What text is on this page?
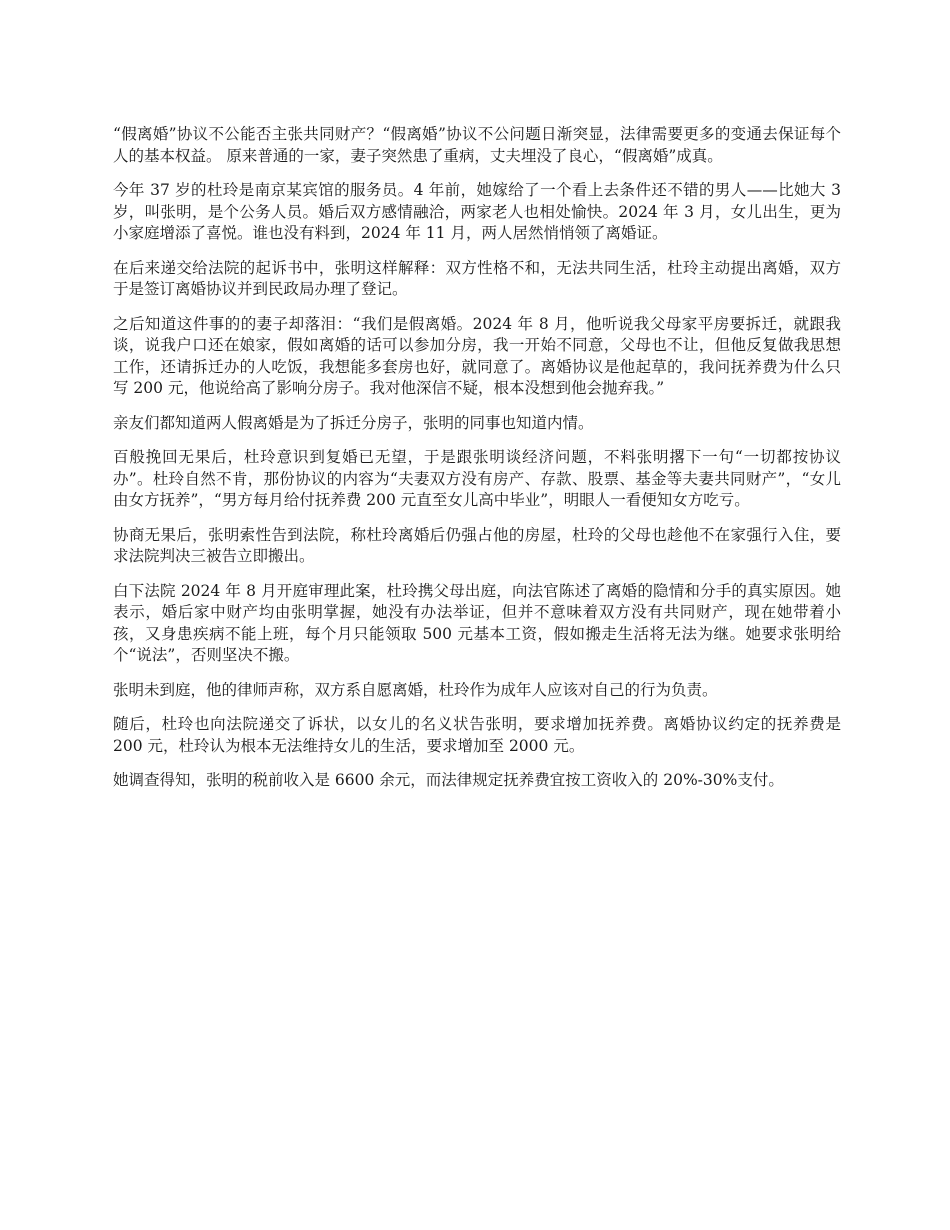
“假离婚”协议不公能否主张共同财产？“假离婚”协议不公问题日渐突显，法律需要更多的变通去保证每个人的基本权益。 原来普通的一家，妻子突然患了重病，丈夫埋没了良心，“假离婚”成真。

今年 37 岁的杜玲是南京某宾馆的服务员。4 年前，她嫁给了一个看上去条件还不错的男人——比她大 3 岁，叫张明，是个公务人员。婚后双方感情融洽，两家老人也相处愉快。2024 年 3 月，女儿出生，更为小家庭增添了喜悦。谁也没有料到，2024 年 11 月，两人居然悄悄领了离婚证。

在后来递交给法院的起诉书中，张明这样解释：双方性格不和，无法共同生活，杜玲主动提出离婚，双方于是签订离婚协议并到民政局办理了登记。

之后知道这件事的的妻子却落泪：“我们是假离婚。2024 年 8 月，他听说我父母家平房要拆迁，就跟我谈，说我户口还在娘家，假如离婚的话可以参加分房，我一开始不同意，父母也不让，但他反复做我思想工作，还请拆迁办的人吃饭，我想能多套房也好，就同意了。离婚协议是他起草的，我问抚养费为什么只写 200 元，他说给高了影响分房子。我对他深信不疑，根本没想到他会抛弃我。”

亲友们都知道两人假离婚是为了拆迁分房子，张明的同事也知道内情。

百般挽回无果后，杜玲意识到复婚已无望，于是跟张明谈经济问题，不料张明撂下一句“一切都按协议办”。杜玲自然不肯，那份协议的内容为“夫妻双方没有房产、存款、股票、基金等夫妻共同财产”，“女儿由女方抚养”，“男方每月给付抚养费 200 元直至女儿高中毕业”，明眼人一看便知女方吃亏。

协商无果后，张明索性告到法院，称杜玲离婚后仍强占他的房屋，杜玲的父母也趁他不在家强行入住，要求法院判决三被告立即搬出。

白下法院 2024 年 8 月开庭审理此案，杜玲携父母出庭，向法官陈述了离婚的隐情和分手的真实原因。她表示，婚后家中财产均由张明掌握，她没有办法举证，但并不意味着双方没有共同财产，现在她带着小孩，又身患疾病不能上班，每个月只能领取 500 元基本工资，假如搬走生活将无法为继。她要求张明给个“说法”，否则坚决不搬。

张明未到庭，他的律师声称，双方系自愿离婚，杜玲作为成年人应该对自己的行为负责。

随后，杜玲也向法院递交了诉状，以女儿的名义状告张明，要求增加抚养费。离婚协议约定的抚养费是 200 元，杜玲认为根本无法维持女儿的生活，要求增加至 2000 元。

她调查得知，张明的税前收入是 6600 余元，而法律规定抚养费宜按工资收入的 20%-30%支付。
